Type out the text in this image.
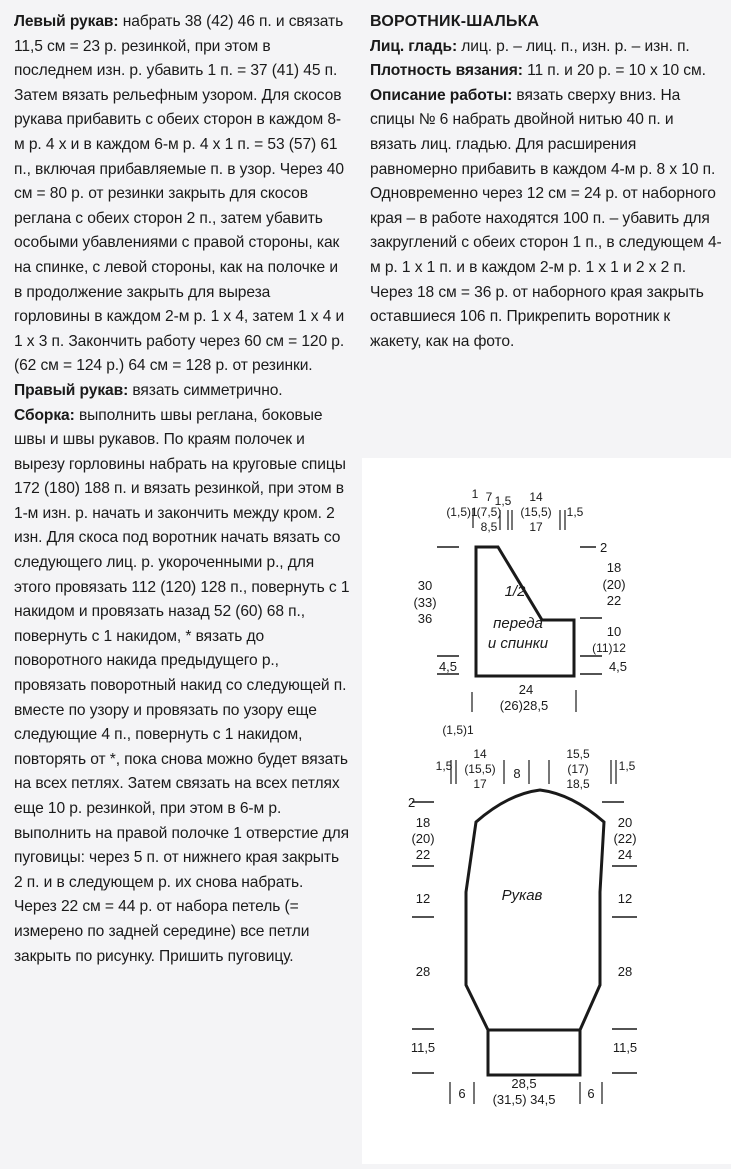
Левый рукав: набрать 38 (42) 46 п. и связать 11,5 см = 23 р. резинкой, при этом в последнем изн. р. убавить 1 п. = 37 (41) 45 п. Затем вязать рельефным узором. Для скосов рукава прибавить с обеих сторон в каждом 8-м р. 4 х и в каждом 6-м р. 4 х 1 п. = 53 (57) 61 п., включая прибавляемые п. в узор. Через 40 см = 80 р. от резинки закрыть для скосов реглана с обеих сторон 2 п., затем убавить особыми убавлениями с правой стороны, как на спинке, с левой стороны, как на полочке и в продолжение закрыть для выреза горловины в каждом 2-м р. 1 х 4, затем 1 х 4 и 1 х 3 п. Закончить работу через 60 см = 120 р. (62 см = 124 р.) 64 см = 128 р. от резинки.

Правый рукав: вязать симметрично.

Сборка: выполнить швы реглана, боковые швы и швы рукавов. По краям полочек и вырезу горловины набрать на круговые спицы 172 (180) 188 п. и вязать резинкой, при этом в 1-м изн. р. начать и закончить между кром. 2 изн. Для скоса под воротник начать вязать со следующего лиц. р. укороченными р., для этого провязать 112 (120) 128 п., повернуть с 1 накидом и провязать назад 52 (60) 68 п., повернуть с 1 накидом, * вязать до поворотного накида предыдущего р., провязать поворотный накид со следующей п. вместе по узору и провязать по узору еще следующие 4 п., повернуть с 1 накидом, повторять от *, пока снова можно будет вязать на всех петлях. Затем связать на всех петлях еще 10 р. резинкой, при этом в 6-м р. выполнить на правой полочке 1 отверстие для пуговицы: через 5 п. от нижнего края закрыть 2 п. и в следующем р. их снова набрать. Через 22 см = 44 р. от набора петель (= измерено по задней середине) все петли закрыть по рисунку. Пришить пуговицу.

ВОРОТНИК-ШАЛЬКА

Лиц. гладь: лиц. р. – лиц. п., изн. р. – изн. п.

Плотность вязания: 11 п. и 20 р. = 10 х 10 см.

Описание работы: вязать сверху вниз. На спицы № 6 набрать двойной нитью 40 п. и вязать лиц. гладью. Для расширения равномерно прибавить в каждом 4-м р. 8 х 10 п. Одновременно через 12 см = 24 р. от наборного края – в работе находятся 100 п. – убавить для закруглений с обеих сторон 1 п., в следующем 4-м р. 1 х 1 п. и в каждом 2-м р. 1 х 1 и 2 х 2 п. Через 18 см = 36 р. от наборного края закрыть оставшиеся 106 п. Прикрепить воротник к жакету, как на фото.

1/2
переда
и спинки
1
(1,5)1
7
(7,5)
8,5
1,5 14
(15,5)
17
1,5
30
(33)
36
4,5
2
18
(20)
22
10
(11)12
4,5
24
(26)28,5
(1,5)1
Рукав
1,5
14
(15,5)
17
8
15,5
(17)
18,5
1,5
2
18
(20)
22
12
28
11,5
20
(22)
24
12
28
11,5
6
28,5
(31,5) 34,5 6
